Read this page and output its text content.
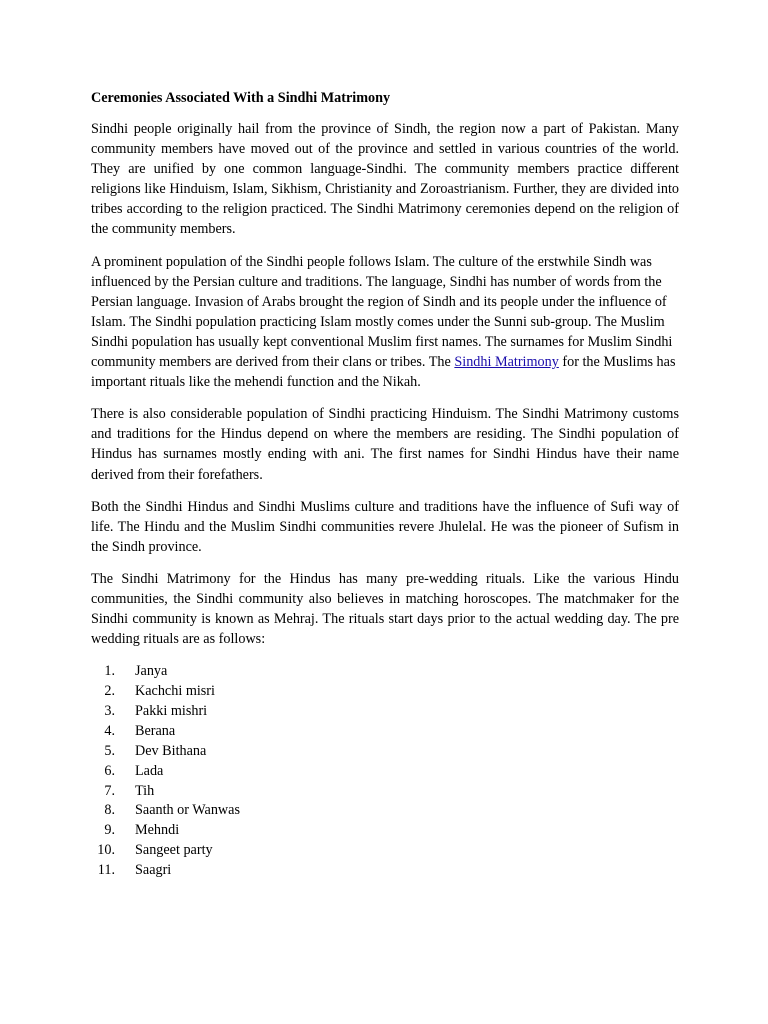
Ceremonies Associated With a Sindhi Matrimony

Sindhi people originally hail from the province of Sindh, the region now a part of Pakistan. Many community members have moved out of the province and settled in various countries of the world. They are unified by one common language-Sindhi. The community members practice different religions like Hinduism, Islam, Sikhism, Christianity and Zoroastrianism. Further, they are divided into tribes according to the religion practiced. The Sindhi Matrimony ceremonies depend on the religion of the community members.

A prominent population of the Sindhi people follows Islam. The culture of the erstwhile Sindh was influenced by the Persian culture and traditions. The language, Sindhi has number of words from the Persian language. Invasion of Arabs brought the region of Sindh and its people under the influence of Islam. The Sindhi population practicing Islam mostly comes under the Sunni sub-group. The Muslim Sindhi population has usually kept conventional Muslim first names. The surnames for Muslim Sindhi community members are derived from their clans or tribes. The Sindhi Matrimony for the Muslims has important rituals like the mehendi function and the Nikah.

There is also considerable population of Sindhi practicing Hinduism. The Sindhi Matrimony customs and traditions for the Hindus depend on where the members are residing. The Sindhi population of Hindus has surnames mostly ending with ani. The first names for Sindhi Hindus have their name derived from their forefathers.

Both the Sindhi Hindus and Sindhi Muslims culture and traditions have the influence of Sufi way of life. The Hindu and the Muslim Sindhi communities revere Jhulelal. He was the pioneer of Sufism in the Sindh province.

The Sindhi Matrimony for the Hindus has many pre-wedding rituals. Like the various Hindu communities, the Sindhi community also believes in matching horoscopes. The matchmaker for the Sindhi community is known as Mehraj. The rituals start days prior to the actual wedding day. The pre wedding rituals are as follows:

1. Janya
2. Kachchi misri
3. Pakki mishri
4. Berana
5. Dev Bithana
6. Lada
7. Tih
8. Saanth or Wanwas
9. Mehndi
10. Sangeet party
11. Saagri
